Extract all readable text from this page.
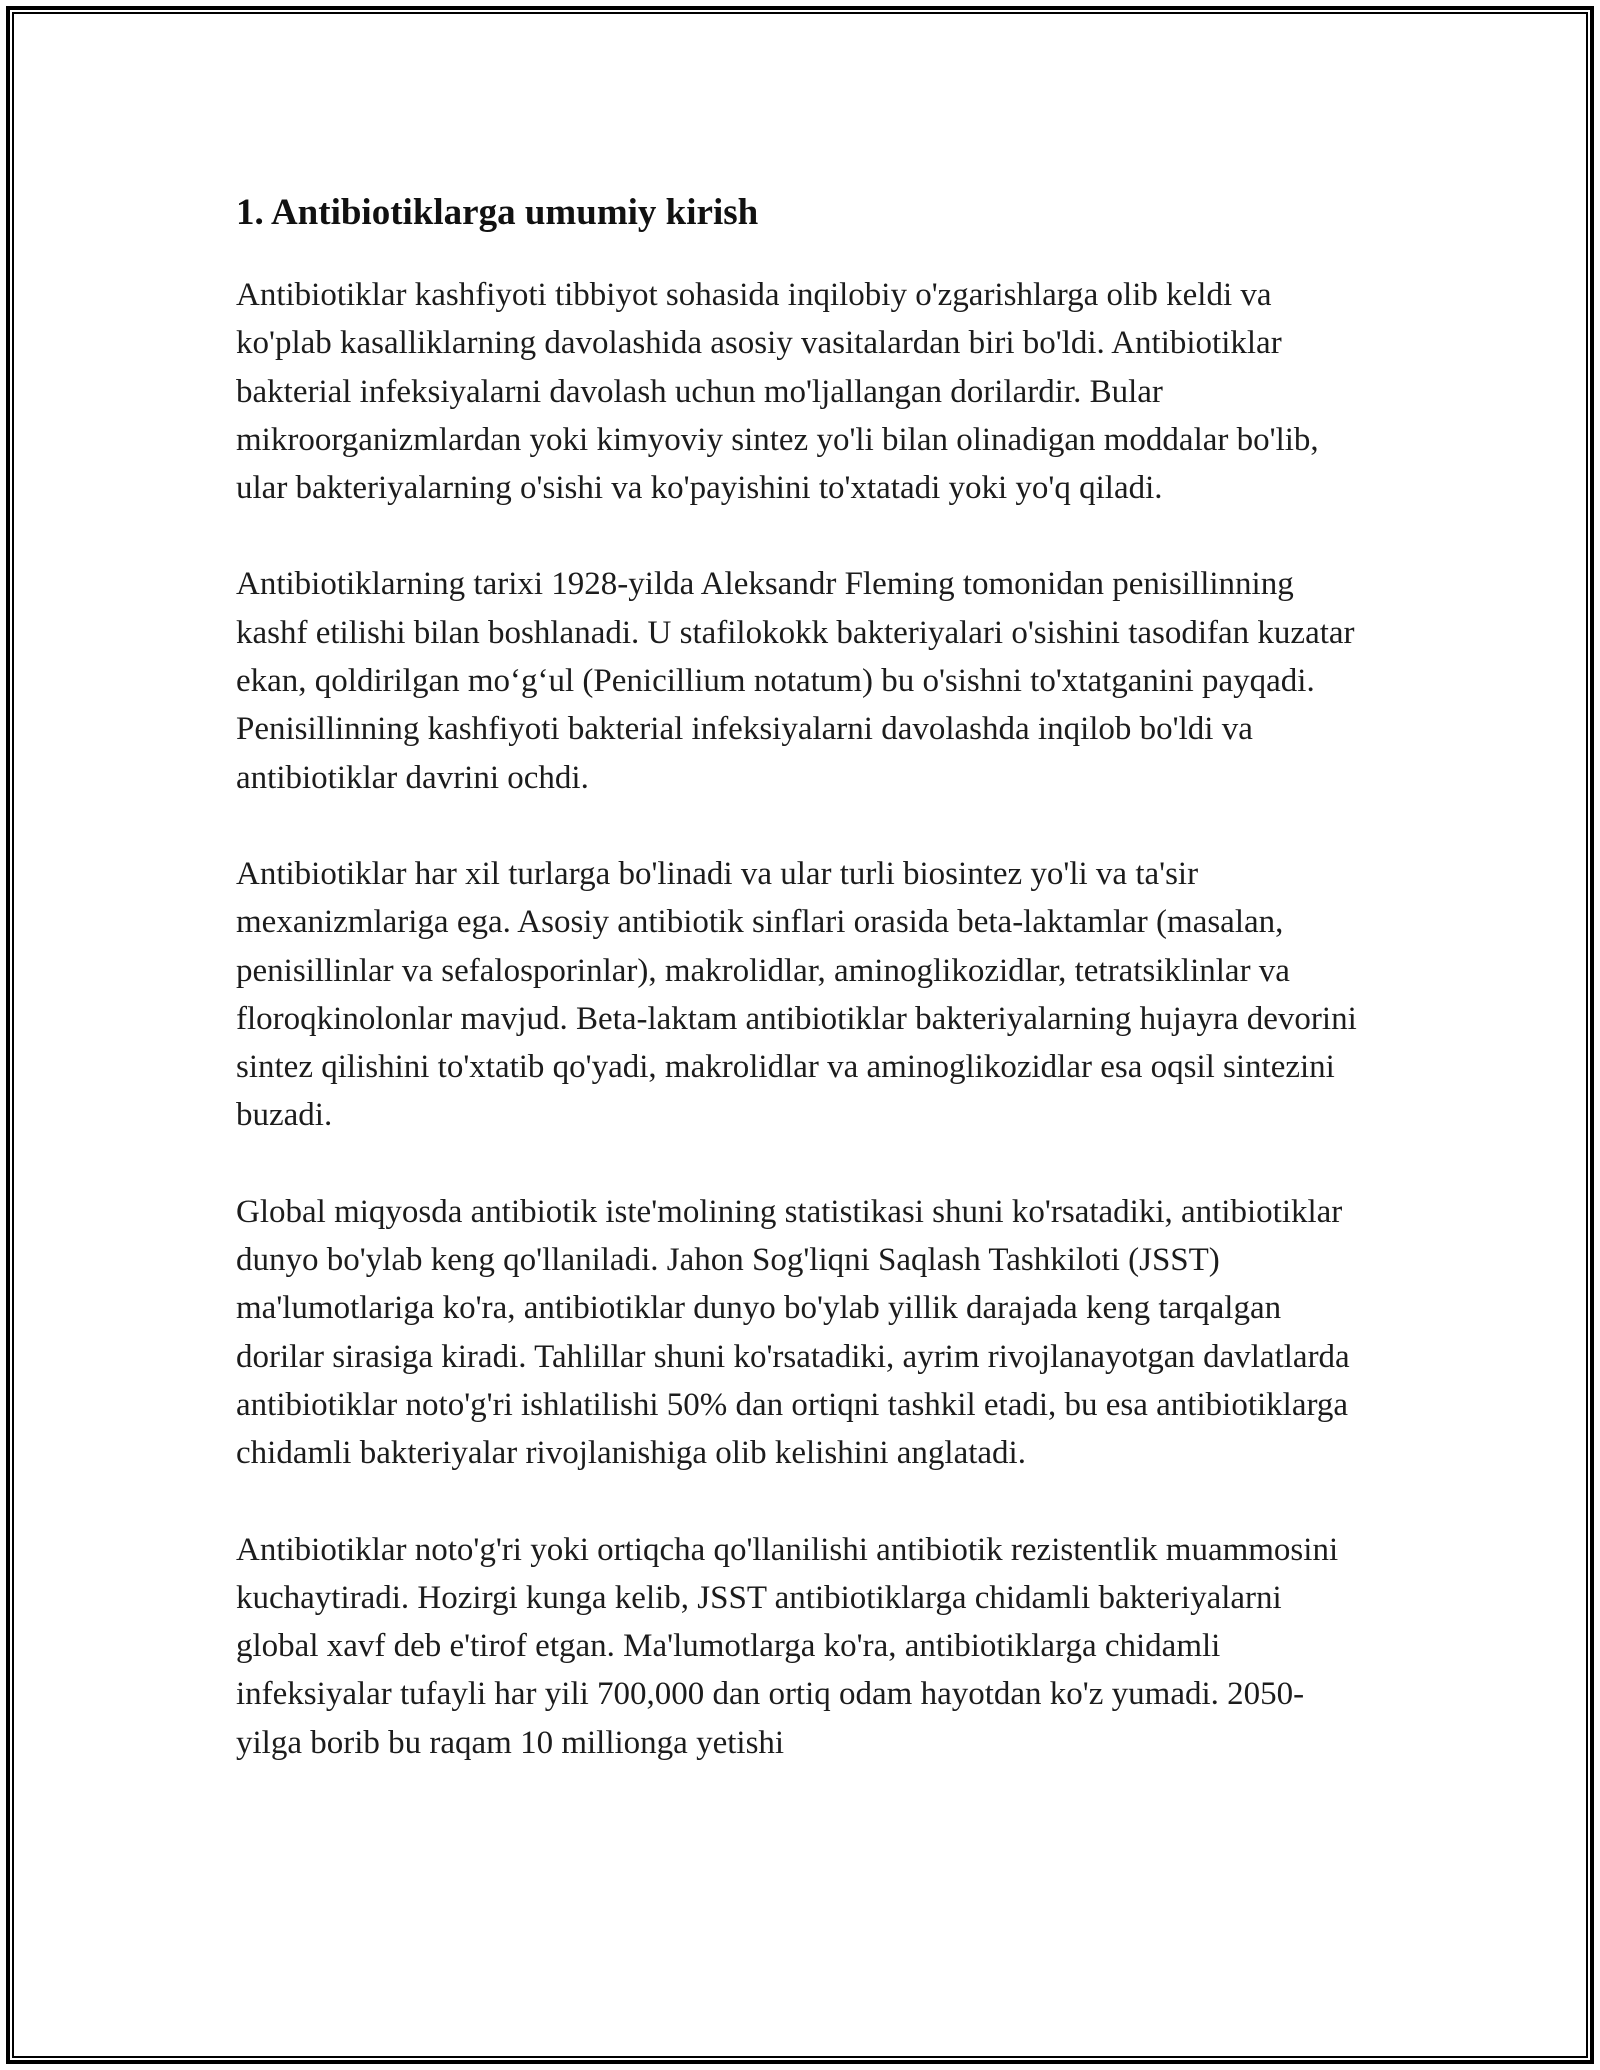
1. Antibiotiklarga umumiy kirish

Antibiotiklar kashfiyoti tibbiyot sohasida inqilobiy o'zgarishlarga olib keldi va ko'plab kasalliklarning davolashida asosiy vasitalardan biri bo'ldi. Antibiotiklar bakterial infeksiyalarni davolash uchun mo'ljallangan dorilardir. Bular mikroorganizmlardan yoki kimyoviy sintez yo'li bilan olinadigan moddalar bo'lib, ular bakteriyalarning o'sishi va ko'payishini to'xtatadi yoki yo'q qiladi.

Antibiotiklarning tarixi 1928-yilda Aleksandr Fleming tomonidan penisillinning kashf etilishi bilan boshlanadi. U stafilokokk bakteriyalari o'sishini tasodifan kuzatar ekan, qoldirilgan mo‘g‘ul (Penicillium notatum) bu o'sishni to'xtatganini payqadi. Penisillinning kashfiyoti bakterial infeksiyalarni davolashda inqilob bo'ldi va antibiotiklar davrini ochdi.

Antibiotiklar har xil turlarga bo'linadi va ular turli biosintez yo'li va ta'sir mexanizmlariga ega. Asosiy antibiotik sinflari orasida beta-laktamlar (masalan, penisillinlar va sefalosporinlar), makrolidlar, aminoglikozidlar, tetratsiklinlar va floroqkinolonlar mavjud. Beta-laktam antibiotiklar bakteriyalarning hujayra devorini sintez qilishini to'xtatib qo'yadi, makrolidlar va aminoglikozidlar esa oqsil sintezini buzadi.

Global miqyosda antibiotik iste'molining statistikasi shuni ko'rsatadiki, antibiotiklar dunyo bo'ylab keng qo'llaniladi. Jahon Sog'liqni Saqlash Tashkiloti (JSST) ma'lumotlariga ko'ra, antibiotiklar dunyo bo'ylab yillik darajada keng tarqalgan dorilar sirasiga kiradi. Tahlillar shuni ko'rsatadiki, ayrim rivojlanayotgan davlatlarda antibiotiklar noto'g'ri ishlatilishi 50% dan ortiqni tashkil etadi, bu esa antibiotiklarga chidamli bakteriyalar rivojlanishiga olib kelishini anglatadi.

Antibiotiklar noto'g'ri yoki ortiqcha qo'llanilishi antibiotik rezistentlik muammosini kuchaytiradi. Hozirgi kunga kelib, JSST antibiotiklarga chidamli bakteriyalarni global xavf deb e'tirof etgan. Ma'lumotlarga ko'ra, antibiotiklarga chidamli infeksiyalar tufayli har yili 700,000 dan ortiq odam hayotdan ko'z yumadi. 2050-yilga borib bu raqam 10 millionga yetishi
